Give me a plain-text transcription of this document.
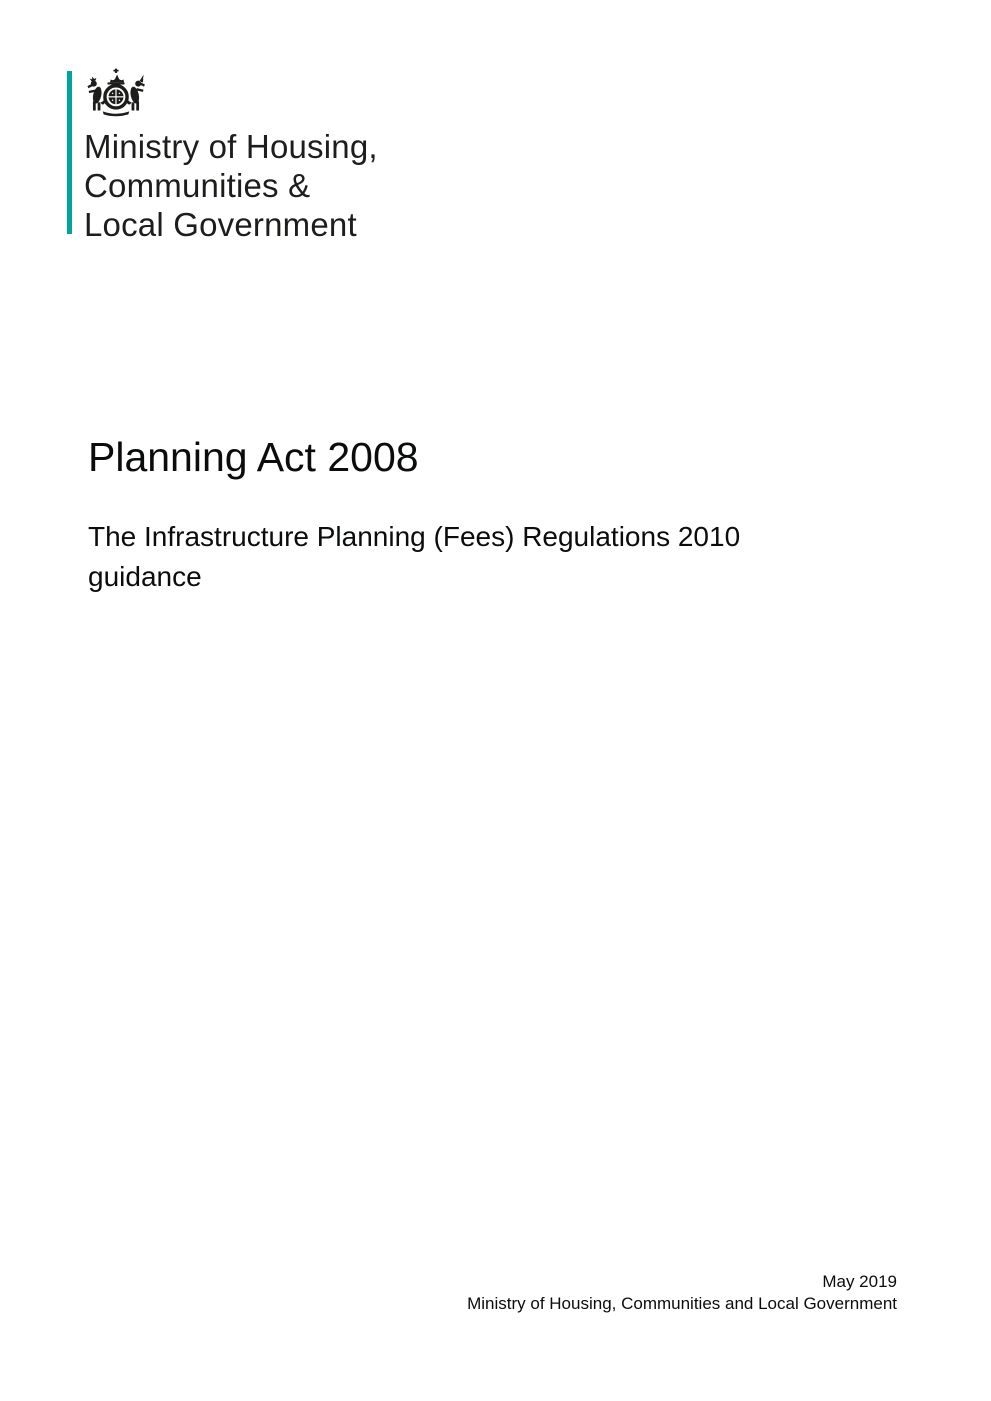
Ministry of Housing,
Communities &
Local Government
Planning Act 2008
The Infrastructure Planning (Fees) Regulations 2010 guidance
May 2019
Ministry of Housing, Communities and Local Government
